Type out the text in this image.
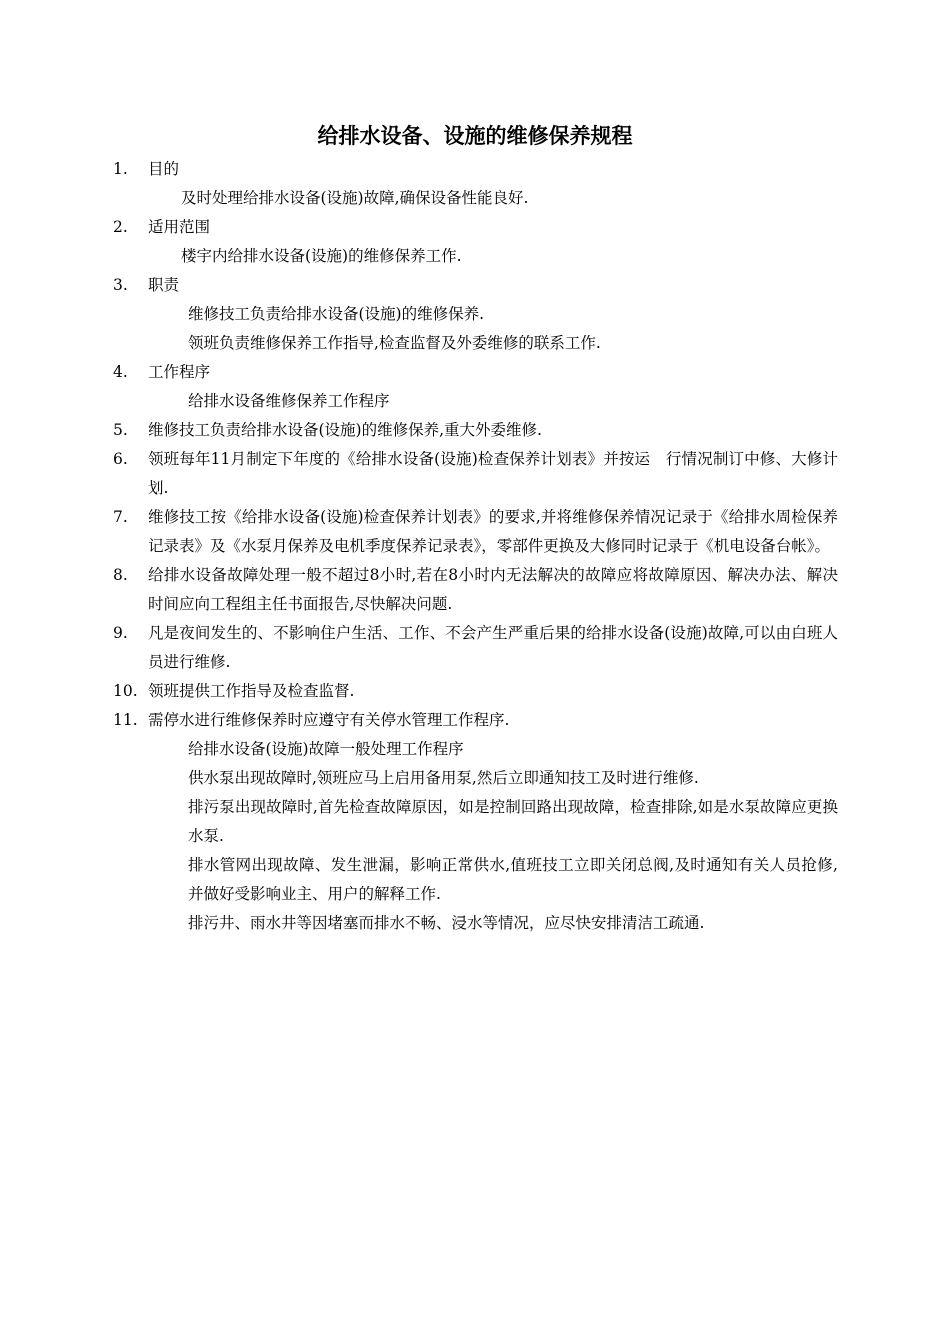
给排水设备、设施的维修保养规程
1.	目的

及时处理给排水设备(设施)故障,确保设备性能良好.

2.	适用范围

楼宇内给排水设备(设施)的维修保养工作.

3.	职责

维修技工负责给排水设备(设施)的维修保养.

领班负责维修保养工作指导,检查监督及外委维修的联系工作.

4.	工作程序

给排水设备维修保养工作程序

5.	维修技工负责给排水设备(设施)的维修保养,重大外委维修.
6.	领班每年11月制定下年度的《给排水设备(设施)检查保养计划表》并按运　行情况制订中修、大修计划.
7.	维修技工按《给排水设备(设施)检查保养计划表》的要求,并将维修保养情况记录于《给排水周检保养记录表》及《水泵月保养及电机季度保养记录表》，零部件更换及大修同时记录于《机电设备台帐》。
8.	给排水设备故障处理一般不超过8小时,若在8小时内无法解决的故障应将故障原因、解决办法、解决时间应向工程组主任书面报告,尽快解决问题.
9.	凡是夜间发生的、不影响住户生活、工作、不会产生严重后果的给排水设备(设施)故障,可以由白班人员进行维修.
10. 领班提供工作指导及检查监督.
11. 需停水进行维修保养时应遵守有关停水管理工作程序.

给排水设备(设施)故障一般处理工作程序

供水泵出现故障时,领班应马上启用备用泵,然后立即通知技工及时进行维修.

排污泵出现故障时,首先检查故障原因，如是控制回路出现故障，检查排除,如是水泵故障应更换水泵.

排水管网出现故障、发生泄漏，影响正常供水,值班技工立即关闭总阀,及时通知有关人员抢修,并做好受影响业主、用户的解释工作.

排污井、雨水井等因堵塞而排水不畅、浸水等情况，应尽快安排清洁工疏通.
